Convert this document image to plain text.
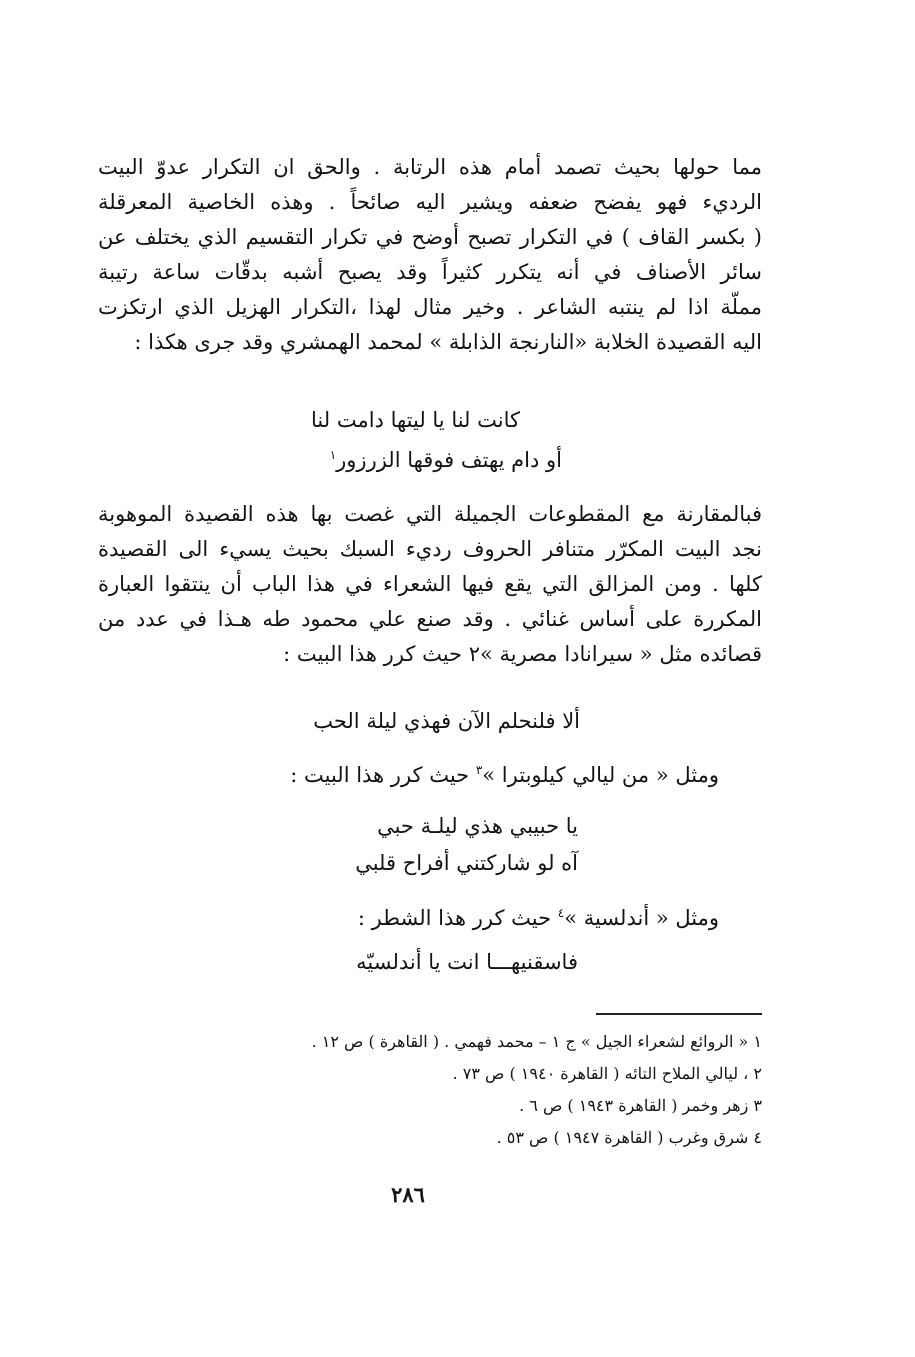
مما حولها بحيث تصمد أمام هذه الرتابة . والحق ان التكرار عدوّ البيت
الرديء فهو يفضح ضعفه ويشير اليه صائحاً . وهذه الخاصية المعرقلة
( بكسر القاف ) في التكرار تصبح أوضح في تكرار التقسيم الذي يختلف عن
سائر الأصناف في أنه يتكرر كثيراً وقد يصبح أشبه بدقّات ساعة رتيبة
مملّة اذا لم ينتبه الشاعر . وخير مثال لهذا ،التكرار الهزيل الذي ارتكزت
اليه القصيدة الخلابة «النارنجة الذابلة » لمحمد الهمشري وقد جرى هكذا :
كانت لنا يا ليتها دامت لنا
أو دام يهتف فوقها الزرزور$^١$
فبالمقارنة مع المقطوعات الجميلة التي غصت بها هذه القصيدة الموهوبة
نجد البيت المكرّر متنافر الحروف رديء السبك بحيث يسيء الى القصيدة
كلها . ومن المزالق التي يقع فيها الشعراء في هذا الباب أن ينتقوا العبارة
المكررة على أساس غنائي . وقد صنع علي محمود طه هـذا في عدد من
قصائده مثل « سيرانادا مصرية »٢ حيث كرر هذا البيت :
ألا فلنحلم الآن فهذي ليلة الحب
ومثل « من ليالي كيلوبترا »$^٣$ حيث كرر هذا البيت :
يا حبيبي هذي ليلـة حبي
آه لو شاركتني أفراح قلبي
ومثل « أندلسية »$^٤$ حيث كرر هذا الشطر :
فاسقنيهـــا انت يا أندلسيّه
١ « الروائع لشعراء الجيل » ج ١ – محمد فهمي . ( القاهرة ) ص ١٢ .
٢ ، ليالي الملاح التائه ( القاهرة ١٩٤٠ ) ص ٧٣ .
٣ زهر وخمر ( القاهرة ١٩٤٣ ) ص ٦ .
٤ شرق وغرب ( القاهرة ١٩٤٧ ) ص ٥٣ .
٢٨٦
